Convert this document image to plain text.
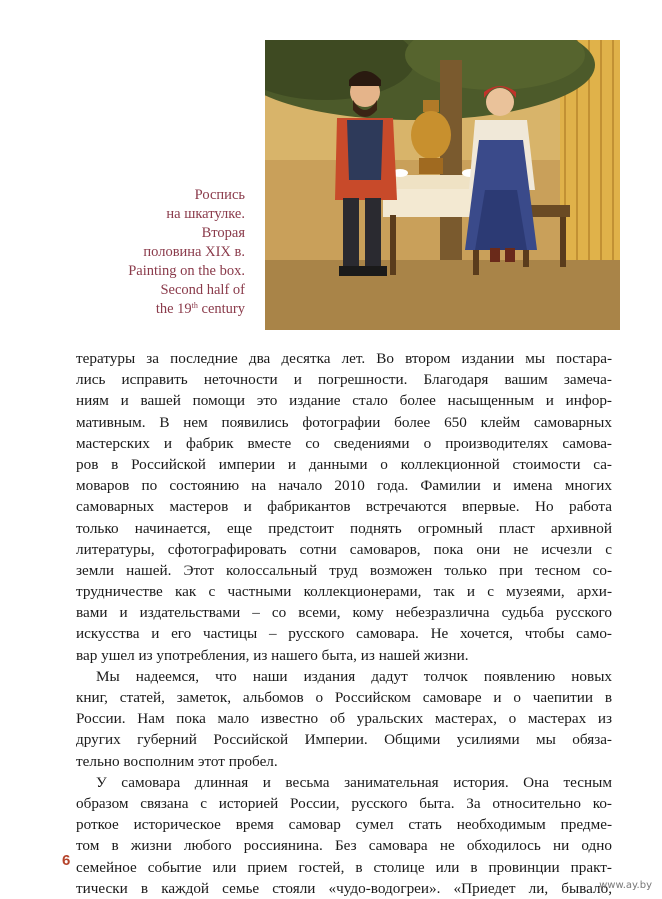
Роспись
на шкатулке.
Вторая
половина XIX в.
Painting on the box.
Second half of
the 19th century
тературы за последние два десятка лет. Во втором издании мы постара-
лись исправить неточности и погрешности. Благодаря вашим замеча-
ниям и вашей помощи это издание стало более насыщенным и инфор-
мативным. В нем появились фотографии более 650 клейм самоварных
мастерских и фабрик вместе со сведениями о производителях самова-
ров в Российской империи и данными о коллекционной стоимости са-
моваров по состоянию на начало 2010 года. Фамилии и имена многих
самоварных мастеров и фабрикантов встречаются впервые. Но работа
только начинается, еще предстоит поднять огромный пласт архивной
литературы, сфотографировать сотни самоваров, пока они не исчезли с
земли нашей. Этот колоссальный труд возможен только при тесном со-
трудничестве как с частными коллекционерами, так и с музеями, архи-
вами и издательствами – со всеми, кому небезразлична судьба русского
искусства и его частицы – русского самовара. Не хочется, чтобы само-
вар ушел из употребления, из нашего быта, из нашей жизни.
Мы надеемся, что наши издания дадут толчок появлению новых
книг, статей, заметок, альбомов о Российском самоваре и о чаепитии в
России. Нам пока мало известно об уральских мастерах, о мастерах из
других губерний Российской Империи. Общими усилиями мы обяза-
тельно восполним этот пробел.
У самовара длинная и весьма занимательная история. Она тесным
образом связана с историей России, русского быта. За относительно ко-
роткое историческое время самовар сумел стать необходимым предме-
том в жизни любого россиянина. Без самовара не обходилось ни одно
семейное событие или прием гостей, в столице или в провинции практ-
тически в каждой семье стояли «чудо-водогреи». «Приедет ли, бывало,
6
www.ay.by
